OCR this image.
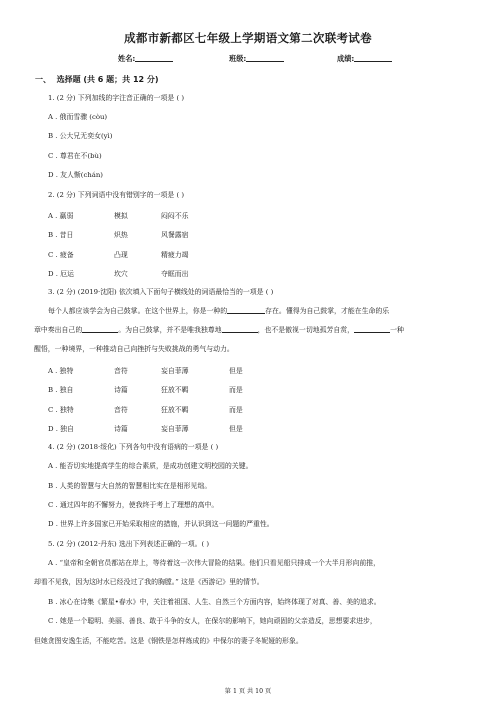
成都市新都区七年级上学期语文第二次联考试卷
姓名:	班级:	成绩:
一、 选择题 (共 6 题；共 12 分)
1. (2 分) 下列加线的字注音正确的一项是 ( )
A . 俄而雪骤 (còu)
B . 公大兄无奕女(yì)
C . 尊君在不(bù)
D . 友人惭(chán)
2. (2 分) 下列词语中没有错别字的一项是 ( )
A . 赢弱	模拟	闷闷不乐
B . 昔日	炽热	风餐露宿
C . 疲备	凸现	精疲力竭
D . 厄运	坎穴	夺眶而出
3. (2 分) (2019·沈阳) 依次填入下面句子横线处的词语最恰当的一项是 ( )
每个人都应该学会为自己鼓掌。在这个世界上，你是一种的	存在。懂得为自己鼓掌，才能在生命的乐
章中奏出自己的	。为自己鼓掌，并不是唯我独尊地	，也不是傲视一切地孤芳自赏，	一种
醒悟，一种境界，一种推动自己向挫折与失败挑战的勇气与动力。
A . 独特	音符	妄自菲薄	但是
B . 独自	诗篇	狂放不羁	而是
C . 独特	音符	狂放不羁	而是
D . 独自	诗篇	妄自菲薄	但是
4. (2 分) (2018·绥化) 下列各句中没有语病的一项是 ( )
A . 能否切实地提高学生的综合素质，是成功创建文明校园的关键。
B . 人类的智慧与大自然的智慧相比实在是相形见绌。
C . 通过四年的不懈努力，使我终于考上了理想的高中。
D . 世界上许多国家已开始采取相应的措施，并认识到这一问题的严重性。
5. (2 分) (2012·丹东) 选出下列表述正确的一项。( )
A . “皇帝和全朝官员都站在岸上，等待着这一次伟大冒险的结果。他们只看见船只排成一个大半月形向前推，
却看不见我，因为这时水已经没过了我的胸膛。” 这是《西游记》里的情节。
B . 冰心在诗集《繁星•春水》中，关注着祖国、人生、自然三个方面内容，始终体现了对真、善、美的追求。
C . 她是一个聪明、美丽、善良、敢于斗争的女人，在保尔的影响下，她向顽固的父亲造反，思想要求进步，
但她贪图安逸生活，不能吃苦。这是《钢铁是怎样炼成的》中保尔的妻子冬妮娅的形象。
第 1 页 共 10 页
